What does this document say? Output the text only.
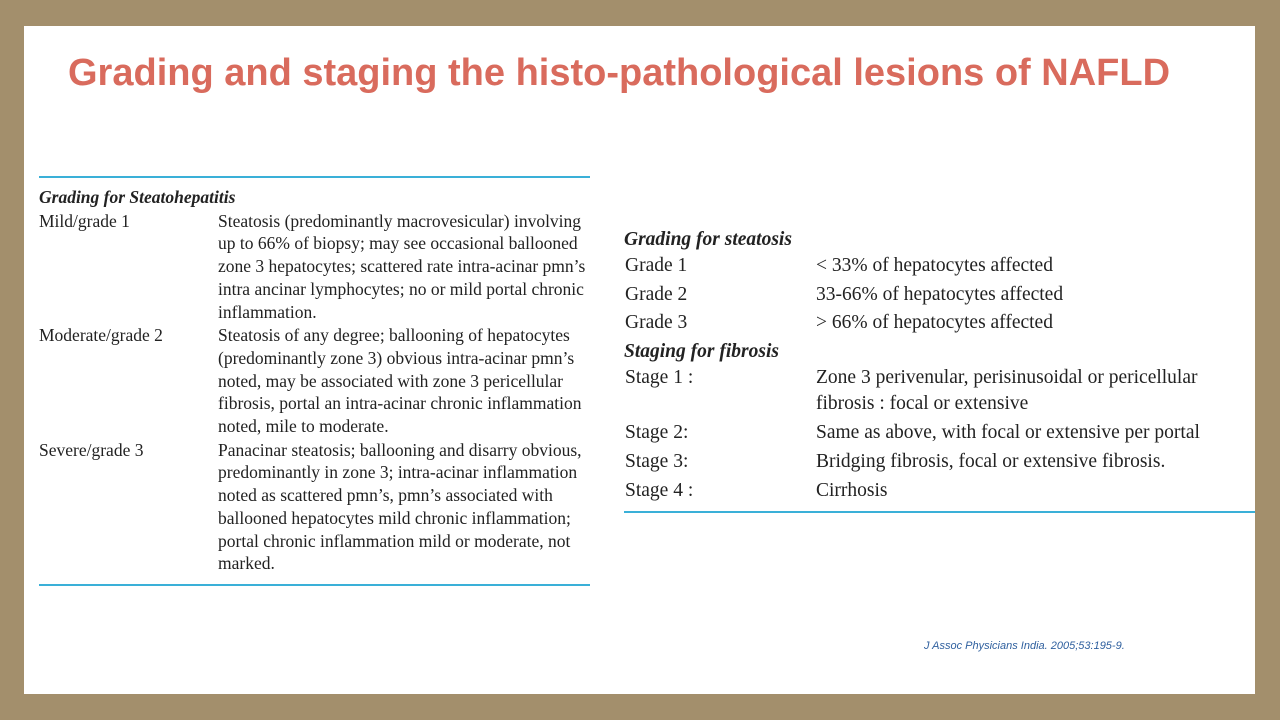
Grading and staging the histo-pathological lesions of NAFLD
Grading for Steatohepatitis
Mild/grade 1	Steatosis (predominantly macrovesicular) involving up to 66% of biopsy; may see occasional ballooned zone 3 hepatocytes; scattered rate intra-acinar pmn’s intra ancinar lymphocytes; no or mild portal chronic inflammation.
Moderate/grade 2	Steatosis of any degree; ballooning of hepatocytes (predominantly zone 3) obvious intra-acinar pmn’s noted, may be associated with zone 3 pericellular fibrosis, portal an intra-acinar chronic inflammation noted, mile to moderate.
Severe/grade 3	Panacinar steatosis; ballooning and disarry obvious, predominantly in zone 3; intra-acinar inflammation noted as scattered pmn’s, pmn’s associated with ballooned hepatocytes mild chronic inflammation; portal chronic inflammation mild or moderate, not marked.
Grading for steatosis
Grade 1	< 33% of hepatocytes affected
Grade 2	33-66% of hepatocytes affected
Grade 3	> 66% of hepatocytes affected
Staging for fibrosis
Stage 1 :	Zone 3 perivenular, perisinusoidal or pericellular fibrosis : focal or extensive
Stage 2:	Same as above, with focal or extensive per portal
Stage 3:	Bridging fibrosis, focal or extensive fibrosis.
Stage 4 :	Cirrhosis
J Assoc Physicians India. 2005;53:195-9.
